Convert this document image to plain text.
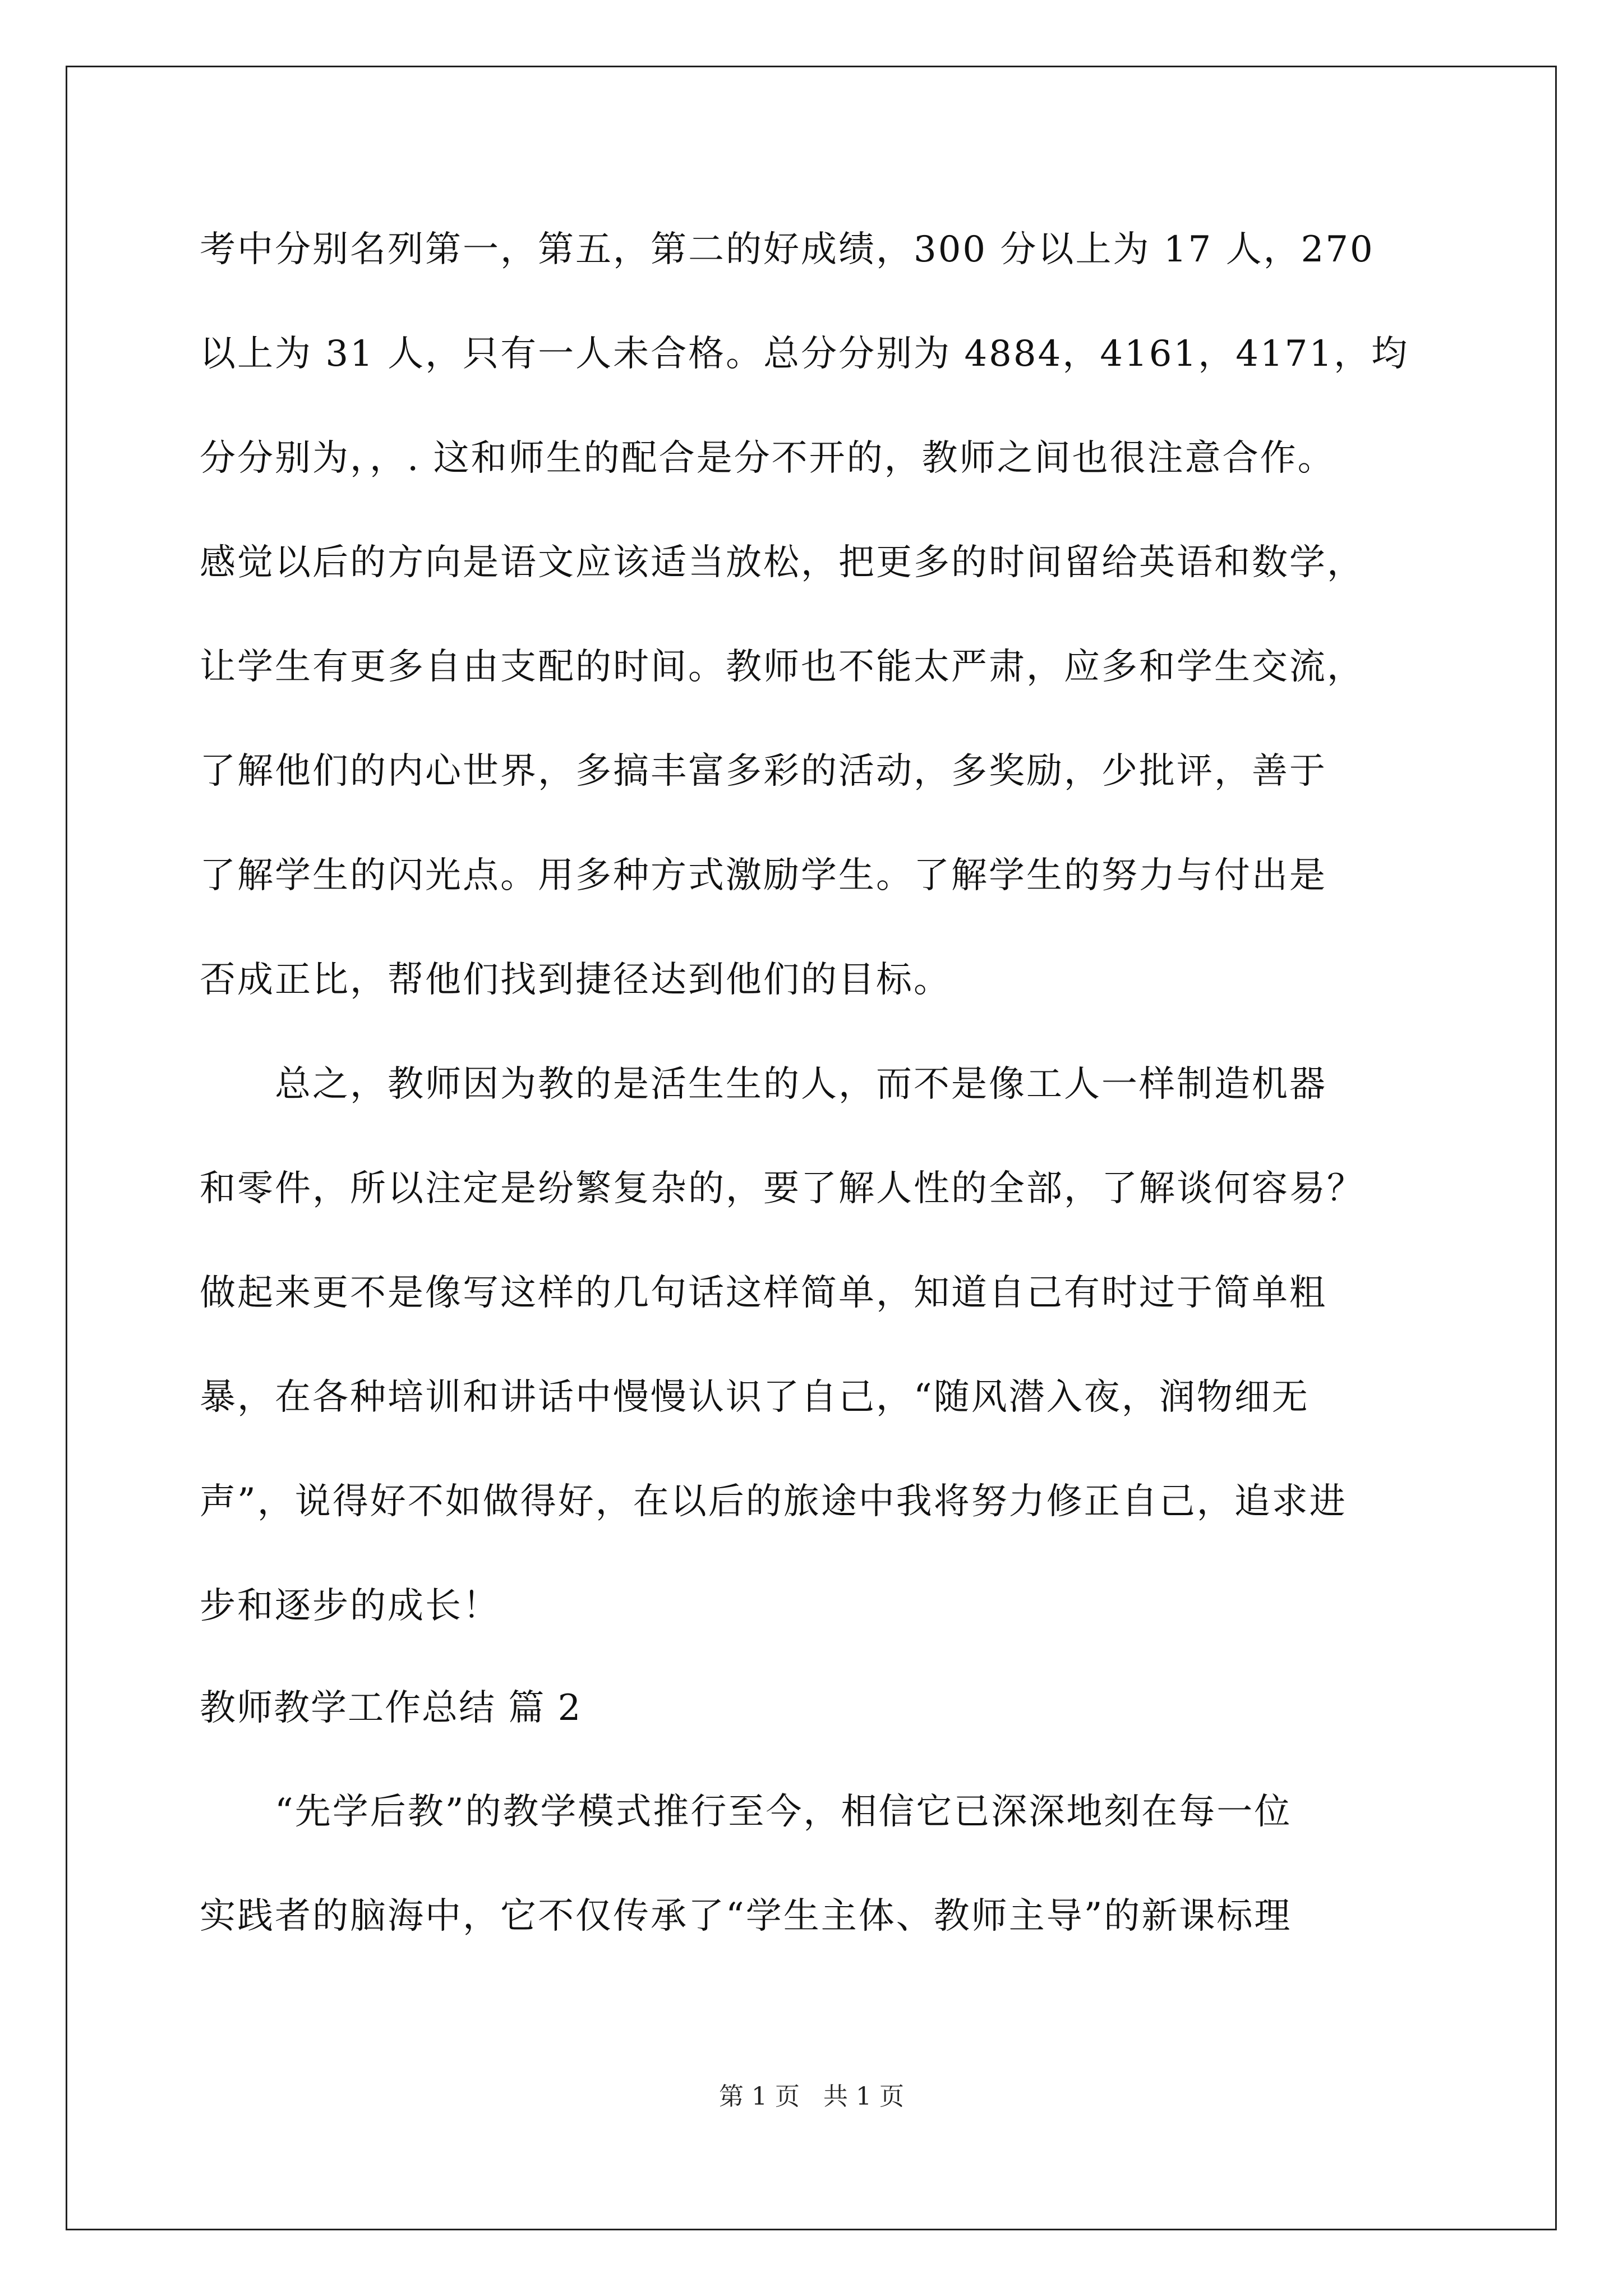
考中分别名列第一，第五，第二的好成绩，300 分以上为 17 人，270
以上为 31 人，只有一人未合格。总分分别为 4884，4161，4171，均
分分别为，，. 这和师生的配合是分不开的，教师之间也很注意合作。
感觉以后的方向是语文应该适当放松，把更多的时间留给英语和数学，
让学生有更多自由支配的时间。教师也不能太严肃，应多和学生交流，
了解他们的内心世界，多搞丰富多彩的活动，多奖励，少批评，善于
了解学生的闪光点。用多种方式激励学生。了解学生的努力与付出是
否成正比，帮他们找到捷径达到他们的目标。
总之，教师因为教的是活生生的人，而不是像工人一样制造机器
和零件，所以注定是纷繁复杂的，要了解人性的全部，了解谈何容易？
做起来更不是像写这样的几句话这样简单，知道自己有时过于简单粗
暴，在各种培训和讲话中慢慢认识了自己，“随风潜入夜，润物细无
声”，说得好不如做得好，在以后的旅途中我将努力修正自己，追求进
步和逐步的成长！
教师教学工作总结 篇 2
“先学后教”的教学模式推行至今，相信它已深深地刻在每一位
实践者的脑海中，它不仅传承了“学生主体、教师主导”的新课标理
第 1 页   共 1 页
